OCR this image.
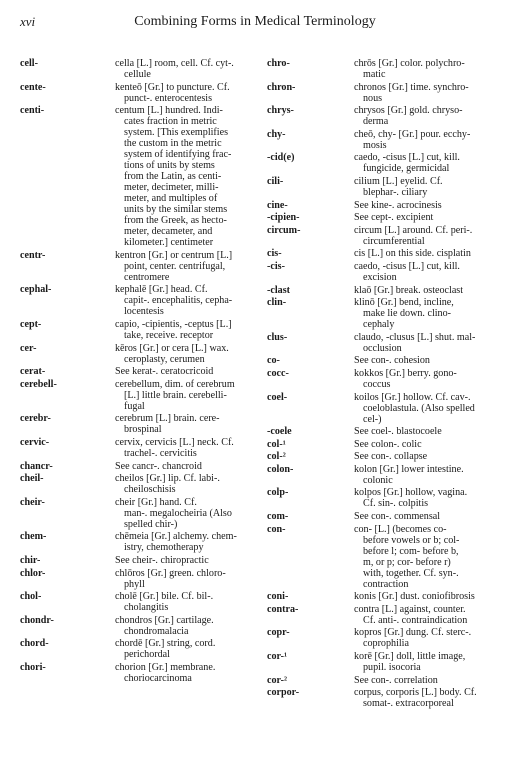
xvi	Combining Forms in Medical Terminology
cell-	cella [L.] room, cell. Cf. cyt-.
cellule
cente-	kenteō [Gr.] to puncture. Cf.
punct-. enterocentesis
centi-	centum [L.] hundred. Indi-
cates fraction in metric
system. [This exemplifies
the custom in the metric
system of identifying frac-
tions of units by stems
from the Latin, as centi-
meter, decimeter, milli-
meter, and multiples of
units by the similar stems
from the Greek, as hecto-
meter, decameter, and
kilometer.] centimeter
centr-	kentron [Gr.] or centrum [L.]
point, center. centrifugal,
centromere
cephal-	kephalē [Gr.] head. Cf.
capit-. encephalitis, cepha-
locentesis
cept-	capio, -cipientis, -ceptus [L.]
take, receive. receptor
cer-	kēros [Gr.] or cera [L.] wax.
ceroplasty, cerumen
cerat-	See kerat-. ceratocricoid
cerebell-	cerebellum, dim. of cerebrum
[L.] little brain. cerebelli-
fugal
cerebr-	cerebrum [L.] brain. cere-
brospinal
cervic-	cervix, cervicis [L.] neck. Cf.
trachel-. cervicitis
chancr-	See cancr-. chancroid
cheil-	cheilos [Gr.] lip. Cf. labi-.
cheiloschisis
cheir-	cheir [Gr.] hand. Cf.
man-. megalocheiria (Also
spelled chir-)
chem-	chēmeia [Gr.] alchemy. chem-
istry, chemotherapy
chir-	See cheir-. chiropractic
chlor-	chlōros [Gr.] green. chloro-
phyll
chol-	cholē [Gr.] bile. Cf. bil-.
cholangitis
chondr-	chondros [Gr.] cartilage.
chondromalacia
chord-	chordē [Gr.] string, cord.
perichordal
chori-	chorion [Gr.] membrane.
choriocarcinoma
chro-	chrōs [Gr.] color. polychro-
matic
chron-	chronos [Gr.] time. synchro-
nous
chrys-	chrysos [Gr.] gold. chryso-
derma
chy-	cheō, chy- [Gr.] pour. ecchy-
mosis
-cid(e)	caedo, -cisus [L.] cut, kill.
fungicide, germicidal
cili-	cilium [L.] eyelid. Cf.
blephar-. ciliary
cine-	See kine-. acrocinesis
-cipien-	See cept-. excipient
circum-	circum [L.] around. Cf. peri-.
circumferential
cis-	cis [L.] on this side. cisplatin
-cis-	caedo, -cisus [L.] cut, kill.
excision
-clast	klaō [Gr.] break. osteoclast
clin-	klinō [Gr.] bend, incline,
make lie down. clino-
cephaly
clus-	claudo, -clusus [L.] shut. mal-
occlusion
co-	See con-. cohesion
cocc-	kokkos [Gr.] berry. gono-
coccus
coel-	koilos [Gr.] hollow. Cf. cav-.
coeloblastula. (Also spelled
cel-)
-coele	See coel-. blastocoele
col-¹	See colon-. colic
col-²	See con-. collapse
colon-	kolon [Gr.] lower intestine.
colonic
colp-	kolpos [Gr.] hollow, vagina.
Cf. sin-. colpitis
com-	See con-. commensal
con-	con- [L.] (becomes co-
before vowels or b; col-
before l; com- before b,
m, or p; cor- before r)
with, together. Cf. syn-.
contraction
coni-	konis [Gr.] dust. coniofibrosis
contra-	contra [L.] against, counter.
Cf. anti-. contraindication
copr-	kopros [Gr.] dung. Cf. sterc-.
coprophilia
cor-¹	korē [Gr.] doll, little image,
pupil. isocoria
cor-²	See con-. correlation
corpor-	corpus, corporis [L.] body. Cf.
somat-. extracorporeal
